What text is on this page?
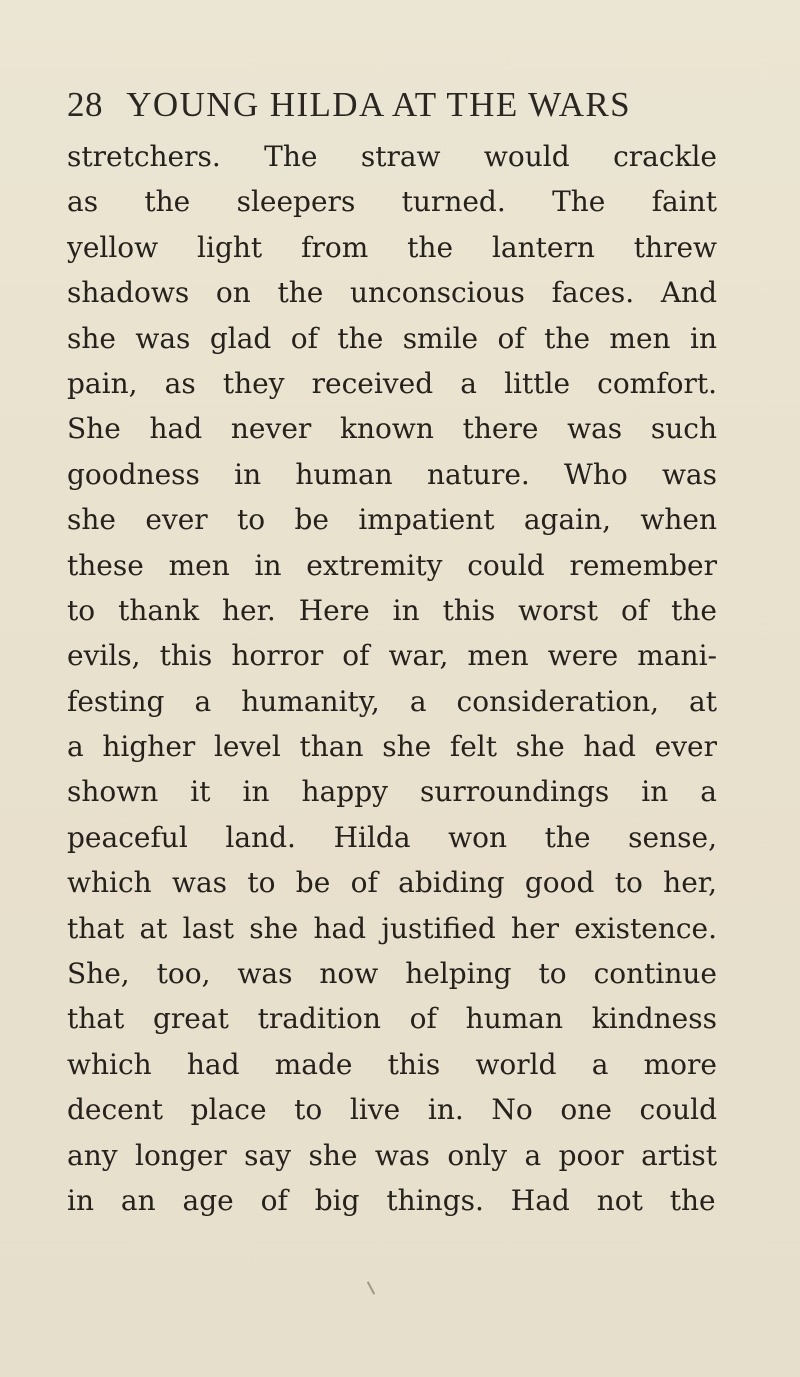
28 YOUNG HILDA AT THE WARS
stretchers. The straw would crackle
as the sleepers turned. The faint
yellow light from the lantern threw
shadows on the unconscious faces. And
she was glad of the smile of the men in
pain, as they received a little comfort.
She had never known there was such
goodness in human nature. Who was
she ever to be impatient again, when
these men in extremity could remember
to thank her. Here in this worst of the
evils, this horror of war, men were mani-
festing a humanity, a consideration, at
a higher level than she felt she had ever
shown it in happy surroundings in a
peaceful land. Hilda won the sense,
which was to be of abiding good to her,
that at last she had justified her existence.
She, too, was now helping to continue
that great tradition of human kindness
which had made this world a more
decent place to live in. No one could
any longer say she was only a poor artist
in an age of big things. Had not the
